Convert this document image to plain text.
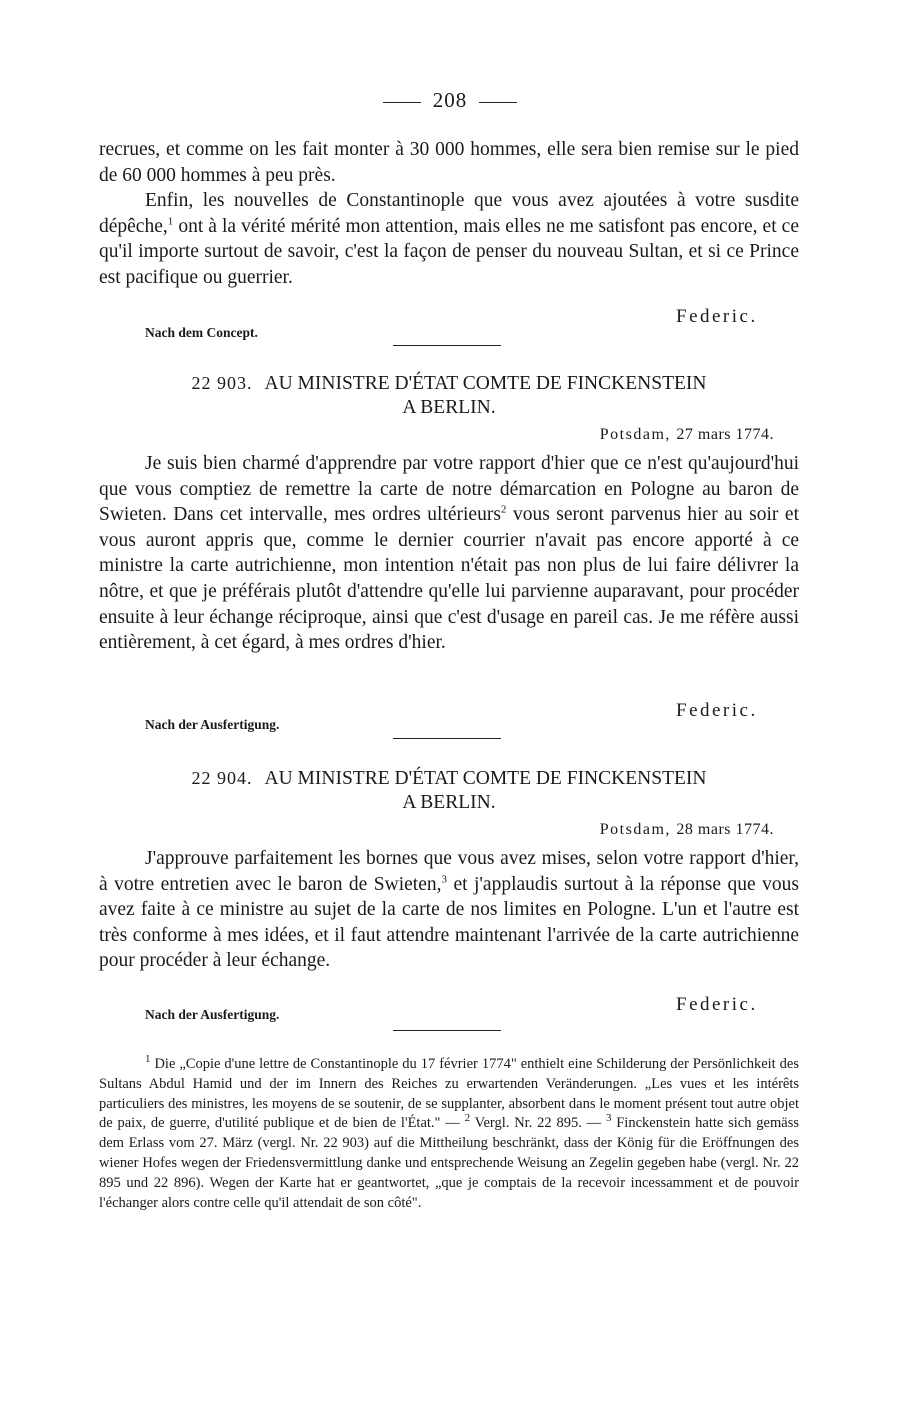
208

recrues, et comme on les fait monter à 30 000 hommes, elle sera bien remise sur le pied de 60 000 hommes à peu près.

Enfin, les nouvelles de Constantinople que vous avez ajoutées à votre susdite dépêche,$^1$ ont à la vérité mérité mon attention, mais elles ne me satisfont pas encore, et ce qu'il importe surtout de savoir, c'est la façon de penser du nouveau Sultan, et si ce Prince est pacifique ou guerrier.

Federic.
Nach dem Concept.
22 903. AU MINISTRE D'ÉTAT COMTE DE FINCKENSTEIN
A BERLIN.
Potsdam, 27 mars 1774.

Je suis bien charmé d'apprendre par votre rapport d'hier que ce n'est qu'aujourd'hui que vous comptiez de remettre la carte de notre démarcation en Pologne au baron de Swieten. Dans cet intervalle, mes ordres ultérieurs$^2$ vous seront parvenus hier au soir et vous auront appris que, comme le dernier courrier n'avait pas encore apporté à ce ministre la carte autrichienne, mon intention n'était pas non plus de lui faire délivrer la nôtre, et que je préférais plutôt d'attendre qu'elle lui parvienne auparavant, pour procéder ensuite à leur échange réciproque, ainsi que c'est d'usage en pareil cas. Je me réfère aussi entièrement, à cet égard, à mes ordres d'hier.

Federic.
Nach der Ausfertigung.
22 904. AU MINISTRE D'ÉTAT COMTE DE FINCKENSTEIN
A BERLIN.
Potsdam, 28 mars 1774.

J'approuve parfaitement les bornes que vous avez mises, selon votre rapport d'hier, à votre entretien avec le baron de Swieten,$^3$ et j'applaudis surtout à la réponse que vous avez faite à ce ministre au sujet de la carte de nos limites en Pologne. L'un et l'autre est très conforme à mes idées, et il faut attendre maintenant l'arrivée de la carte autrichienne pour procéder à leur échange.

Federic.
Nach der Ausfertigung.

$^1$ Die „Copie d'une lettre de Constantinople du 17 février 1774" enthielt eine Schilderung der Persönlichkeit des Sultans Abdul Hamid und der im Innern des Reiches zu erwartenden Veränderungen. „Les vues et les intérêts particuliers des ministres, les moyens de se soutenir, de se supplanter, absorbent dans le moment présent tout autre objet de paix, de guerre, d'utilité publique et de bien de l'État." — $^2$ Vergl. Nr. 22 895. — $^3$ Finckenstein hatte sich gemäss dem Erlass vom 27. März (vergl. Nr. 22 903) auf die Mittheilung beschränkt, dass der König für die Eröffnungen des wiener Hofes wegen der Friedensvermittlung danke und entsprechende Weisung an Zegelin gegeben habe (vergl. Nr. 22 895 und 22 896). Wegen der Karte hat er geantwortet, „que je comptais de la recevoir incessamment et de pouvoir l'échanger alors contre celle qu'il attendait de son côté".
